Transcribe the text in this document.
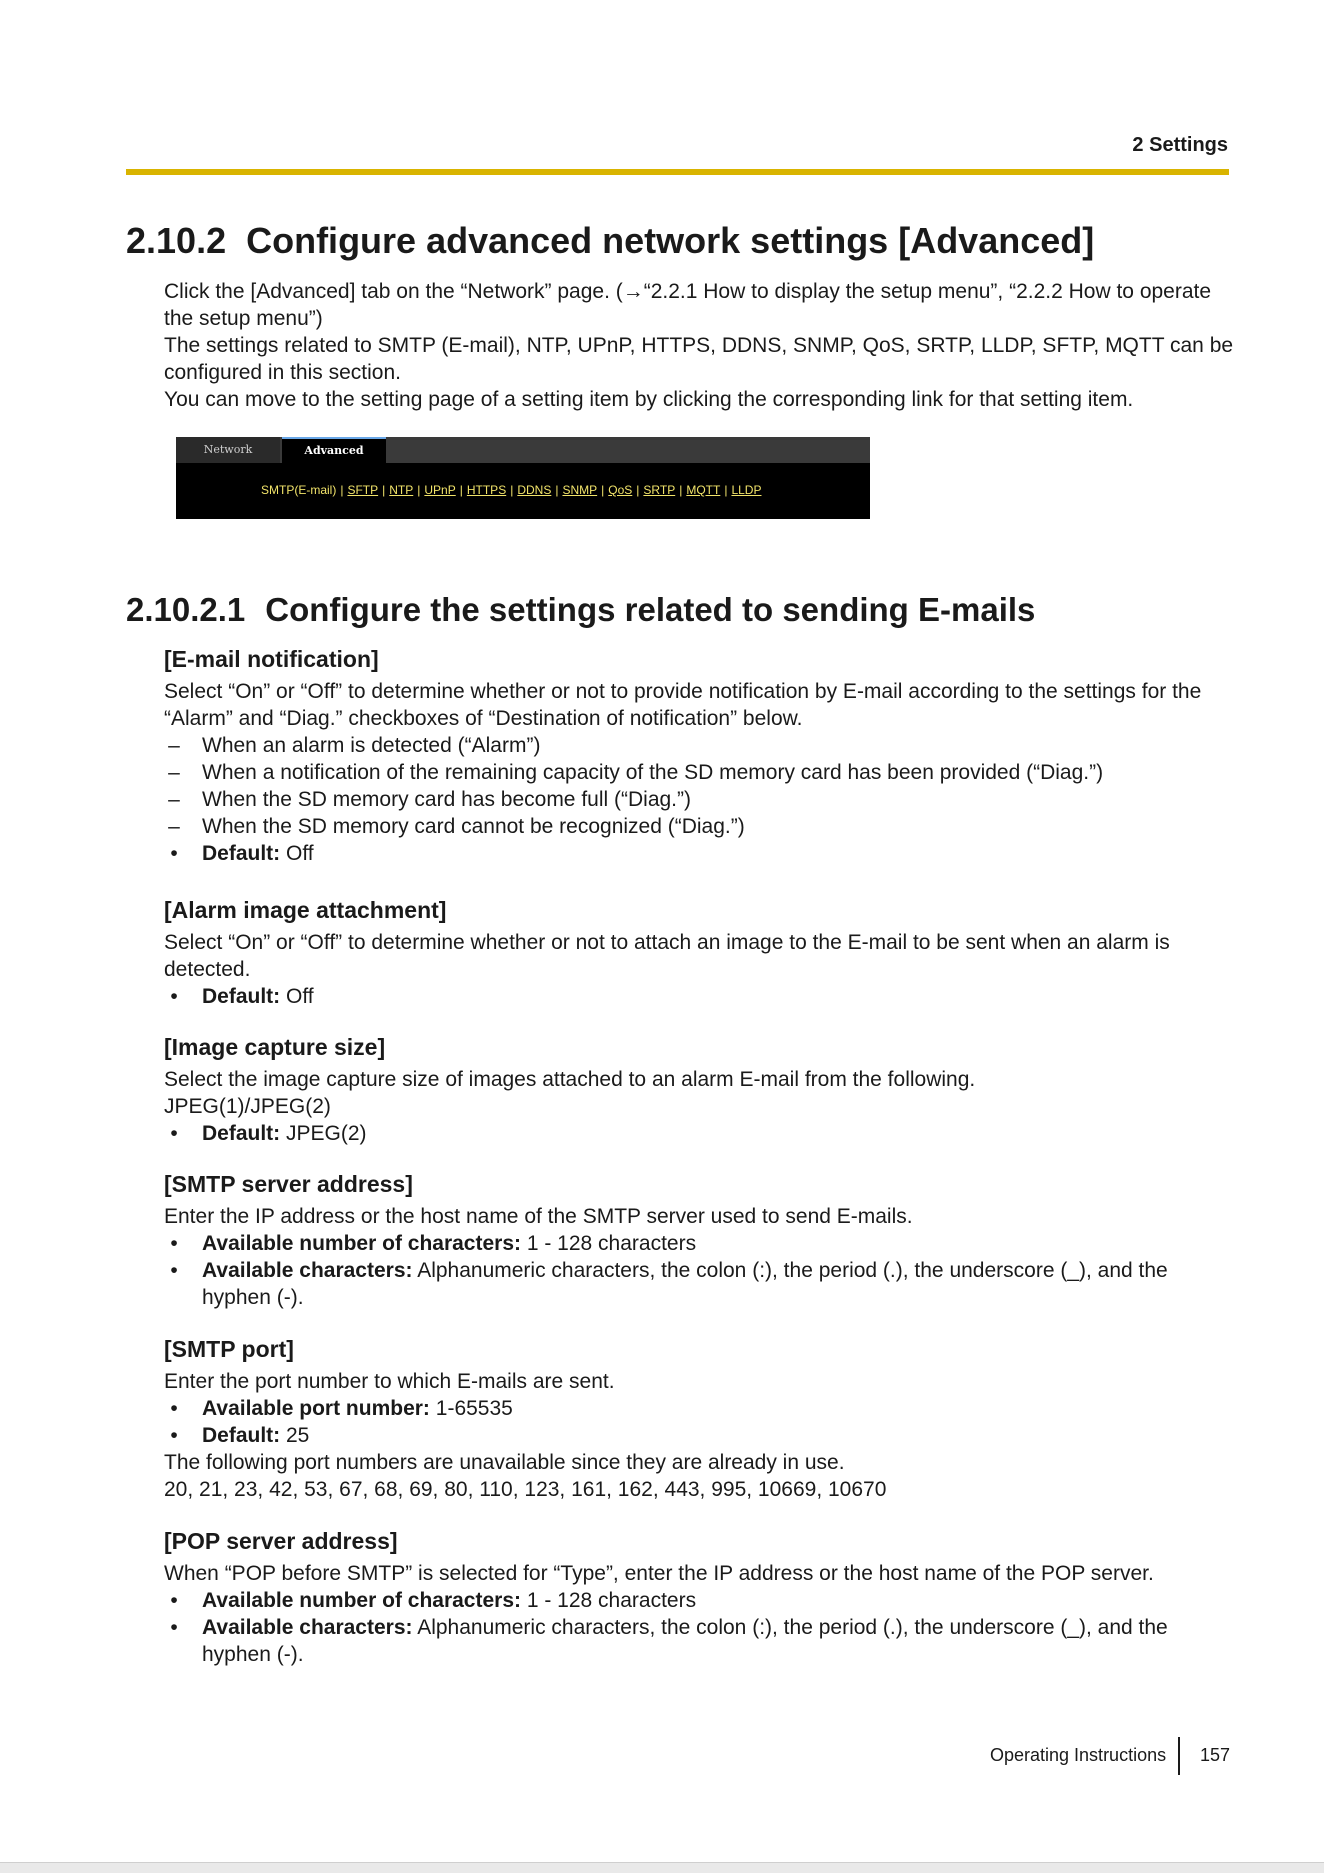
2 Settings
2.10.2 Configure advanced network settings [Advanced]

Click the [Advanced] tab on the “Network” page. (→“2.2.1 How to display the setup menu”, “2.2.2 How to operate the setup menu”)

The settings related to SMTP (E-mail), NTP, UPnP, HTTPS, DDNS, SNMP, QoS, SRTP, LLDP, SFTP, MQTT can be configured in this section.

You can move to the setting page of a setting item by clicking the corresponding link for that setting item.

Network	Advanced
SMTP(E-mail) | SFTP | NTP | UPnP | HTTPS | DDNS | SNMP | QoS | SRTP | MQTT | LLDP
2.10.2.1 Configure the settings related to sending E-mails
[E-mail notification]

Select “On” or “Off” to determine whether or not to provide notification by E-mail according to the settings for the “Alarm” and “Diag.” checkboxes of “Destination of notification” below.

– When an alarm is detected (“Alarm”)
– When a notification of the remaining capacity of the SD memory card has been provided (“Diag.”)
– When the SD memory card has become full (“Diag.”)
– When the SD memory card cannot be recognized (“Diag.”)
•	Default: Off
[Alarm image attachment]

Select “On” or “Off” to determine whether or not to attach an image to the E-mail to be sent when an alarm is detected.

•	Default: Off
[Image capture size]

Select the image capture size of images attached to an alarm E-mail from the following.

JPEG(1)/JPEG(2)

•	Default: JPEG(2)
[SMTP server address]

Enter the IP address or the host name of the SMTP server used to send E-mails.

•	Available number of characters: 1 - 128 characters
•	Available characters: Alphanumeric characters, the colon (:), the period (.), the underscore (_), and the hyphen (-).
[SMTP port]

Enter the port number to which E-mails are sent.

•	Available port number: 1-65535
•	Default: 25

The following port numbers are unavailable since they are already in use.

20, 21, 23, 42, 53, 67, 68, 69, 80, 110, 123, 161, 162, 443, 995, 10669, 10670

[POP server address]

When “POP before SMTP” is selected for “Type”, enter the IP address or the host name of the POP server.

•	Available number of characters: 1 - 128 characters
•	Available characters: Alphanumeric characters, the colon (:), the period (.), the underscore (_), and the hyphen (-).
Operating Instructions 157
